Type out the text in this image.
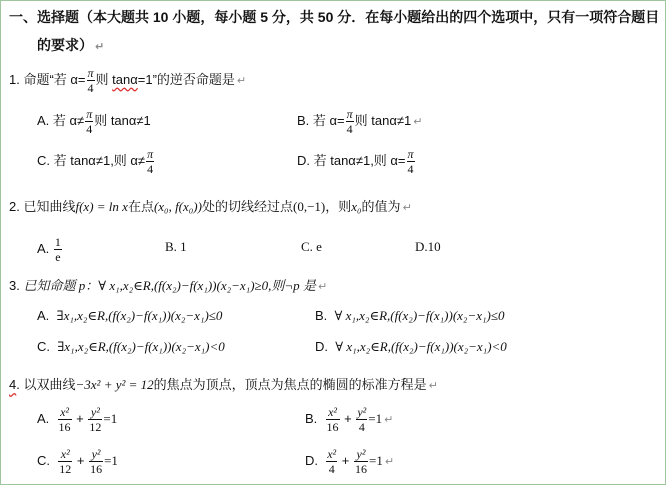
一、选择题（本大题共 10 小题，每小题 5 分，共 50 分．在每小题给出的四个选项中，只有一项符合题目
的要求） ↵
1. 命题“若 $\alpha= \frac{\pi}{4}$ 则 tanα=1”的逆否命题是 ↵
A. 若 $\alpha\ne \frac{\pi}{4}$ 则 tanα≠1	B. 若 $\alpha= \frac{\pi}{4}$ 则 tanα≠1 ↵
C. 若 tanα≠1,则 $\alpha\ne \frac{\pi}{4}$	D. 若 tanα≠1,则 $\alpha= \frac{\pi}{4}$
2. 已知曲线f(x) = ln x在点(x₀, f(x₀))处的切线经过点(0,−1)，则x₀的值为 ↵
A. $\frac{1}{e}$	B. 1	C. e	D.10
3. 已知命题 p：∀ x₁,x₂∈R,(f(x₂)−f(x₁))(x₂−x₁)≥0,则¬p 是 ↵
A. ∃x₁,x₂∈R,(f(x₂)−f(x₁))(x₂−x₁)≤0	B. ∀ x₁,x₂∈R,(f(x₂)−f(x₁))(x₂−x₁)≤0
C. ∃x₁,x₂∈R,(f(x₂)−f(x₁))(x₂−x₁)<0	D. ∀ x₁,x₂∈R,(f(x₂)−f(x₁))(x₂−x₁)<0
4. 以双曲线−3x² + y² = 12的焦点为顶点，顶点为焦点的椭圆的标准方程是 ↵
A. $\frac{\text{x²}}{16} + \frac{\text{y²}}{12} =1$	B. $\frac{\text{x²}}{16} + \frac{\text{y²}}{4} =1$ ↵
C. $\frac{\text{x²}}{12} + \frac{\text{y²}}{16} =1$	D. $\frac{\text{x²}}{4} + \frac{\text{y²}}{16} =1$ ↵
